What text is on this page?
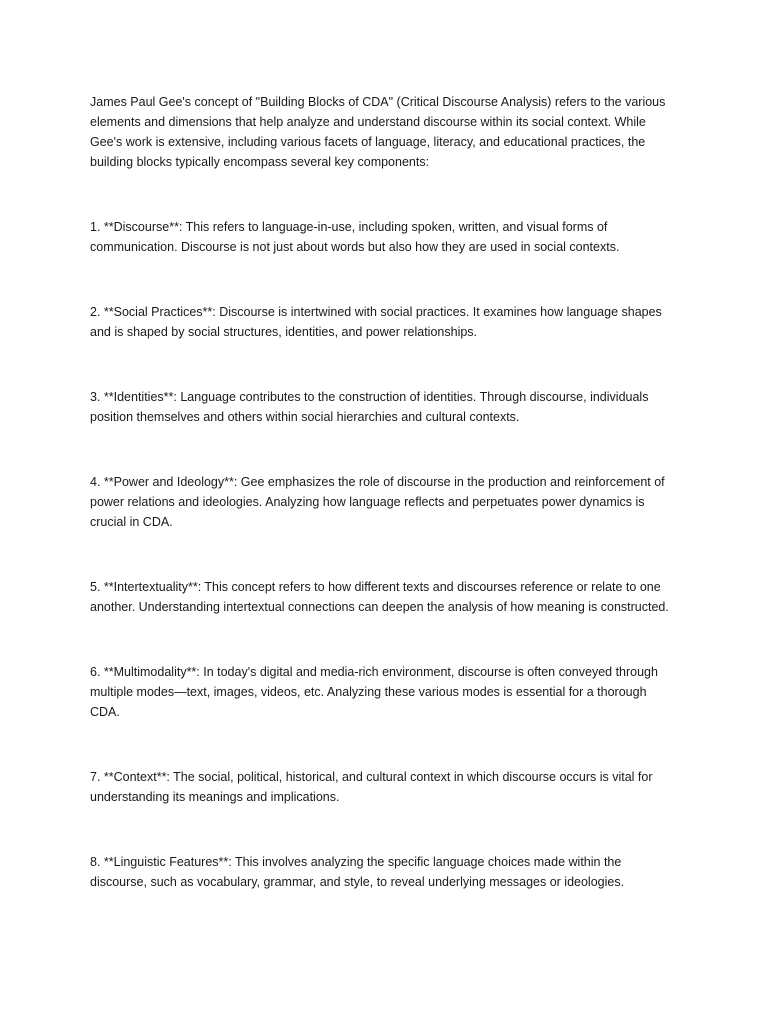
James Paul Gee's concept of "Building Blocks of CDA" (Critical Discourse Analysis) refers to the various elements and dimensions that help analyze and understand discourse within its social context. While Gee's work is extensive, including various facets of language, literacy, and educational practices, the building blocks typically encompass several key components:

1. **Discourse**: This refers to language-in-use, including spoken, written, and visual forms of communication. Discourse is not just about words but also how they are used in social contexts.

2. **Social Practices**: Discourse is intertwined with social practices. It examines how language shapes and is shaped by social structures, identities, and power relationships.

3. **Identities**: Language contributes to the construction of identities. Through discourse, individuals position themselves and others within social hierarchies and cultural contexts.

4. **Power and Ideology**: Gee emphasizes the role of discourse in the production and reinforcement of power relations and ideologies. Analyzing how language reflects and perpetuates power dynamics is crucial in CDA.

5. **Intertextuality**: This concept refers to how different texts and discourses reference or relate to one another. Understanding intertextual connections can deepen the analysis of how meaning is constructed.

6. **Multimodality**: In today's digital and media-rich environment, discourse is often conveyed through multiple modes—text, images, videos, etc. Analyzing these various modes is essential for a thorough CDA.

7. **Context**: The social, political, historical, and cultural context in which discourse occurs is vital for understanding its meanings and implications.

8. **Linguistic Features**: This involves analyzing the specific language choices made within the discourse, such as vocabulary, grammar, and style, to reveal underlying messages or ideologies.
